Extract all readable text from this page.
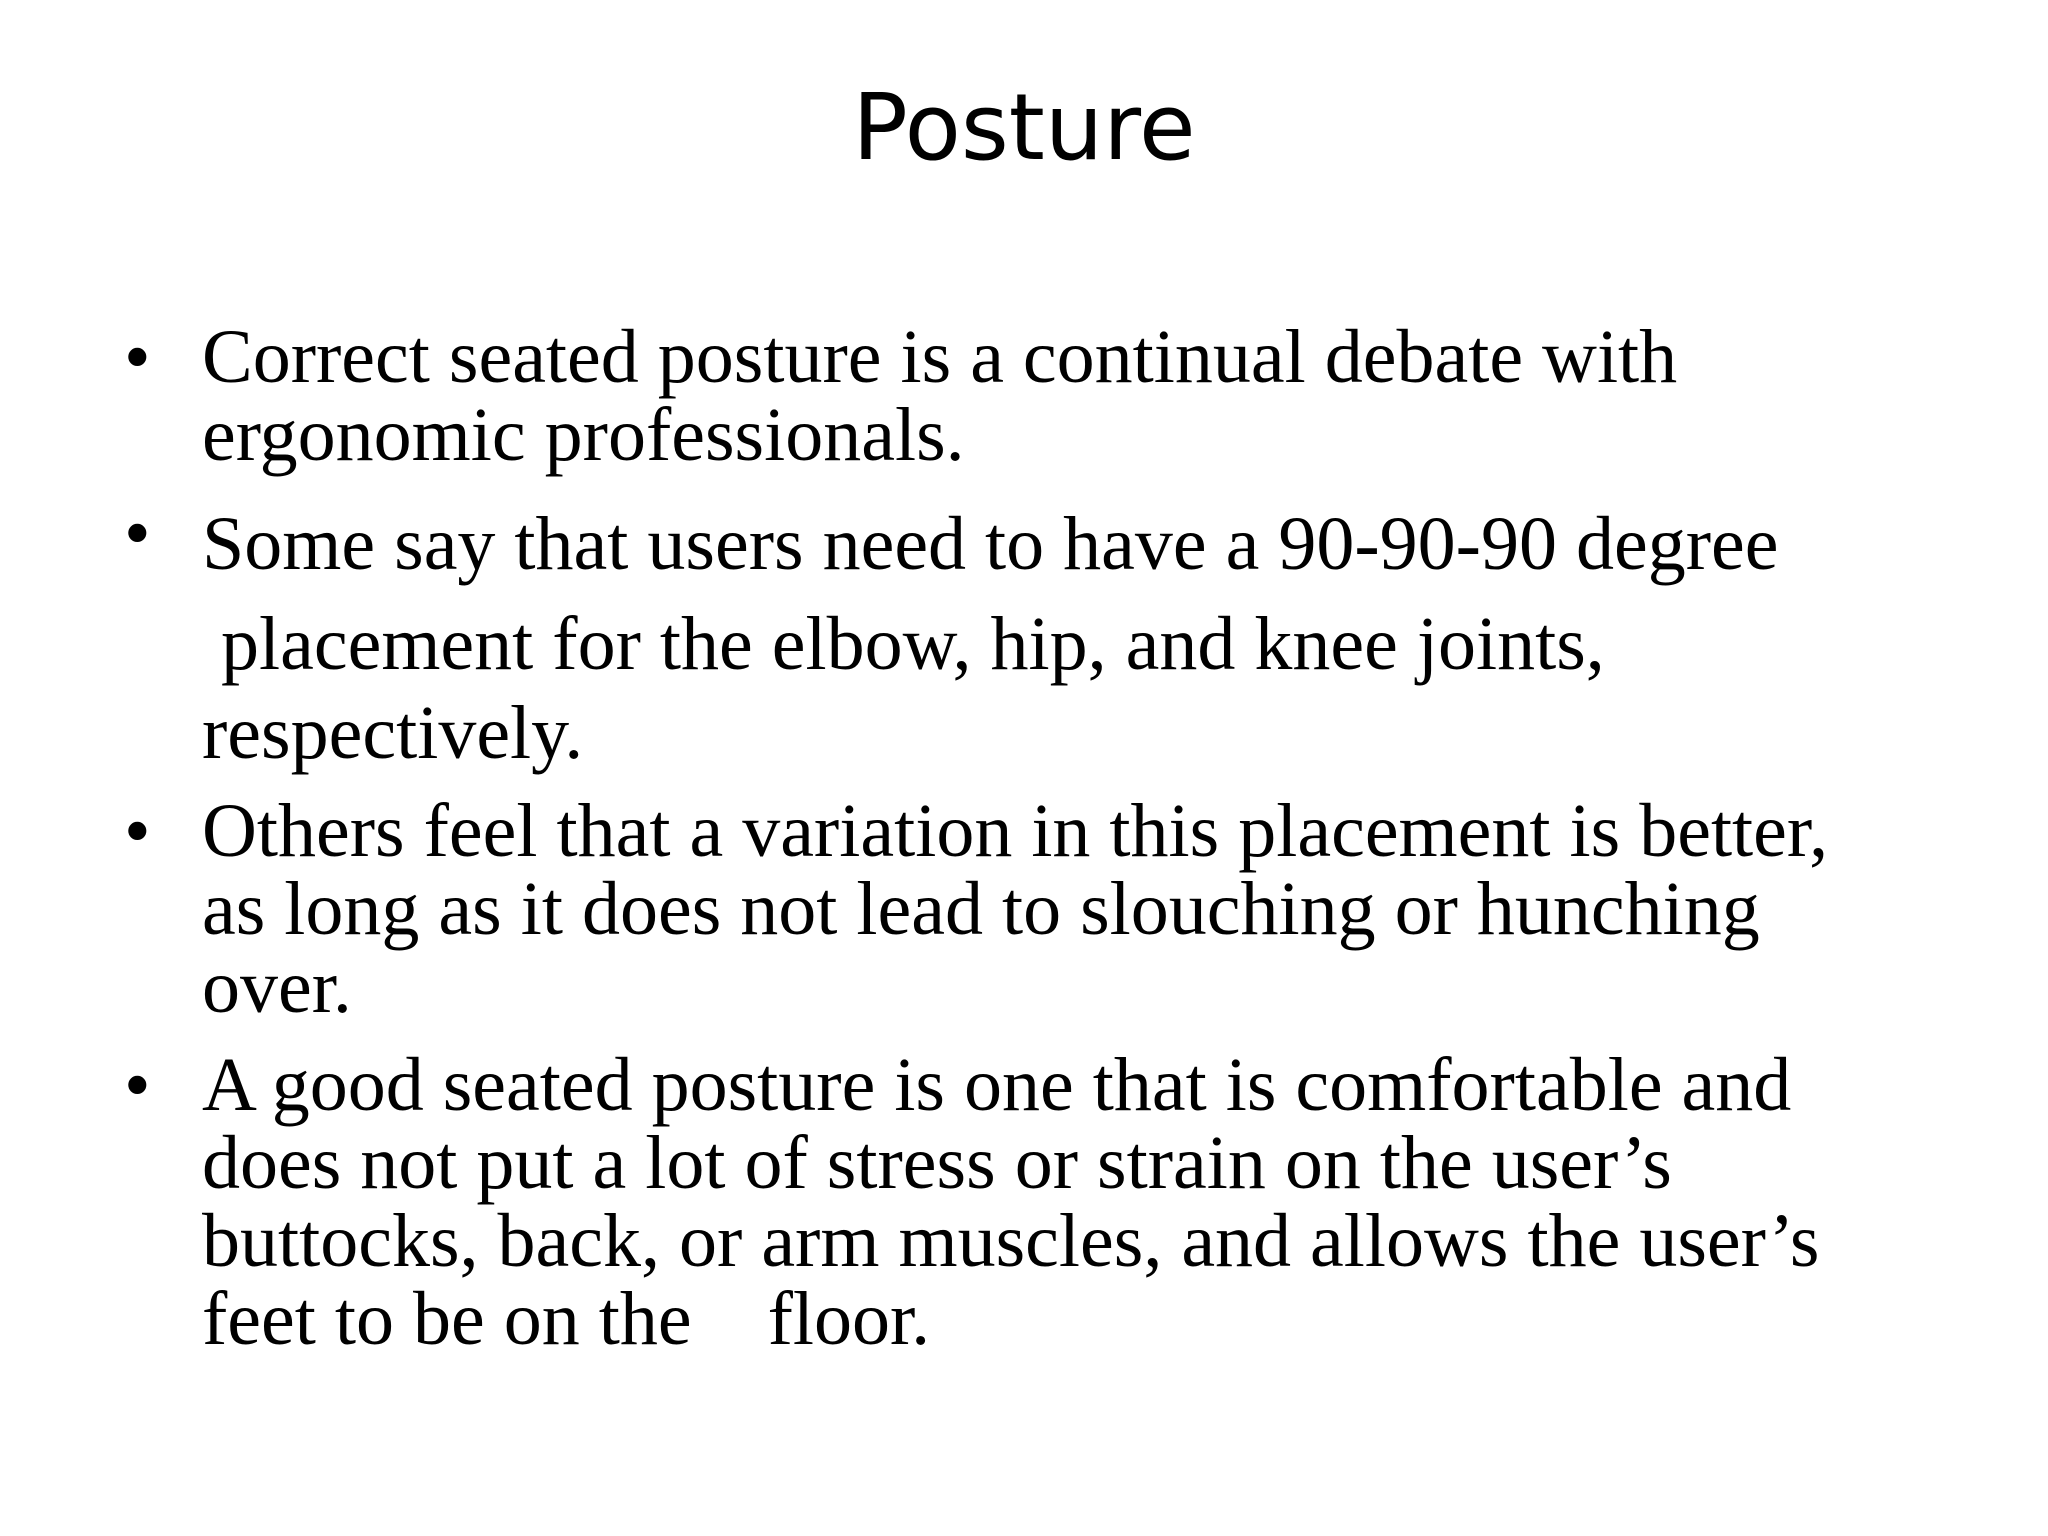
Posture
• Correct seated posture is a continual debate with
ergonomic professionals.
• Some say that users need to have a 90-90-90 degree
placement for the elbow, hip, and knee joints,
respectively.
• Others feel that a variation in this placement is better,
as long as it does not lead to slouching or hunching
over.
• A good seated posture is one that is comfortable and
does not put a lot of stress or strain on the user’s
buttocks, back, or arm muscles, and allows the user’s
feet to be on the    floor.
